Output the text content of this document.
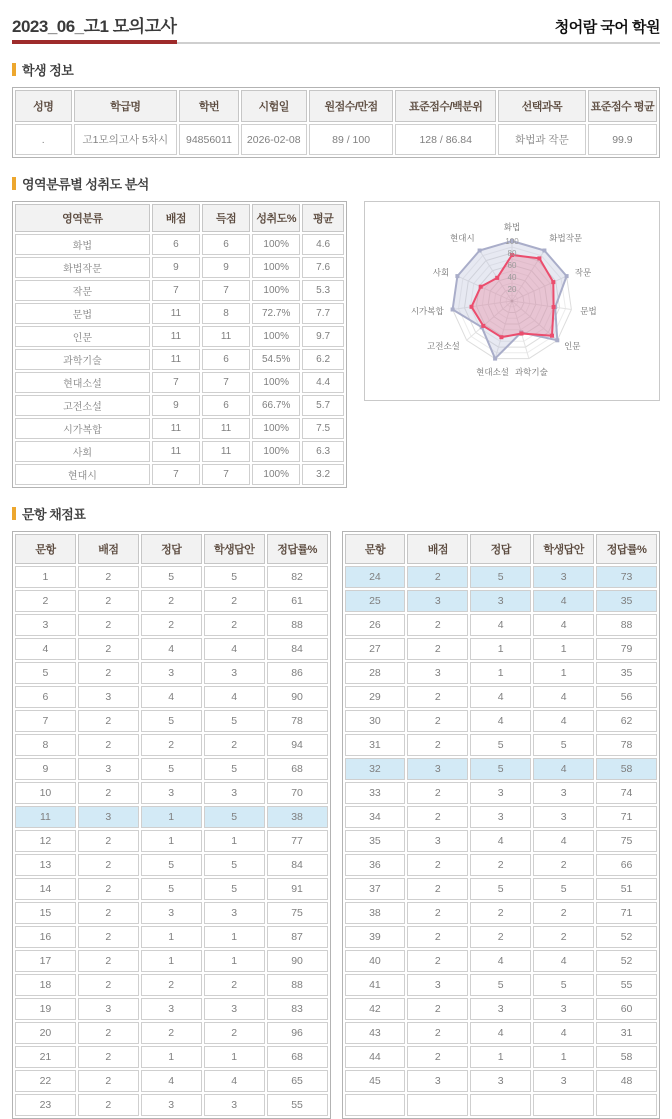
2023_06_고1 모의고사	청어람 국어 학원
학생 정보
성명	학급명	학번	시험일	원점수/만점	표준점수/백분위	선택과목	표준점수 평균
.	고1모의고사 5차시	94856011	2026-02-08	89 / 100	128 / 86.84	화법과 작문	99.9
영역분류별 성취도 분석
영역분류	배점	득점	성취도%	평균
화법	6	6	100%	4.6
화법작문	9	9	100%	7.6
작문	7	7	100%	5.3
문법	11	8	72.7%	7.7
인문	11	11	100%	9.7
과학기술	11	6	54.5%	6.2
현대소설	7	7	100%	4.4
고전소설	9	6	66.7%	5.7
시가복합	11	11	100%	7.5
사회	11	11	100%	6.3
현대시	7	7	100%	3.2
20
40
60
80
100
화법
화법작문
작문
문법
인문
과학기술
현대소설
고전소설
시가복합
사회
현대시
문항 채점표
문항	배점	정답	학생답안	정답률%
1	2	5	5	82
2	2	2	2	61
3	2	2	2	88
4	2	4	4	84
5	2	3	3	86
6	3	4	4	90
7	2	5	5	78
8	2	2	2	94
9	3	5	5	68
10	2	3	3	70
11	3	1	5	38
12	2	1	1	77
13	2	5	5	84
14	2	5	5	91
15	2	3	3	75
16	2	1	1	87
17	2	1	1	90
18	2	2	2	88
19	3	3	3	83
20	2	2	2	96
21	2	1	1	68
22	2	4	4	65
23	2	3	3	55
문항	배점	정답	학생답안	정답률%
24	2	5	3	73
25	3	3	4	35
26	2	4	4	88
27	2	1	1	79
28	3	1	1	35
29	2	4	4	56
30	2	4	4	62
31	2	5	5	78
32	3	5	4	58
33	2	3	3	74
34	2	3	3	71
35	3	4	4	75
36	2	2	2	66
37	2	5	5	51
38	2	2	2	71
39	2	2	2	52
40	2	4	4	52
41	3	5	5	55
42	2	3	3	60
43	2	4	4	31
44	2	1	1	58
45	3	3	3	48
